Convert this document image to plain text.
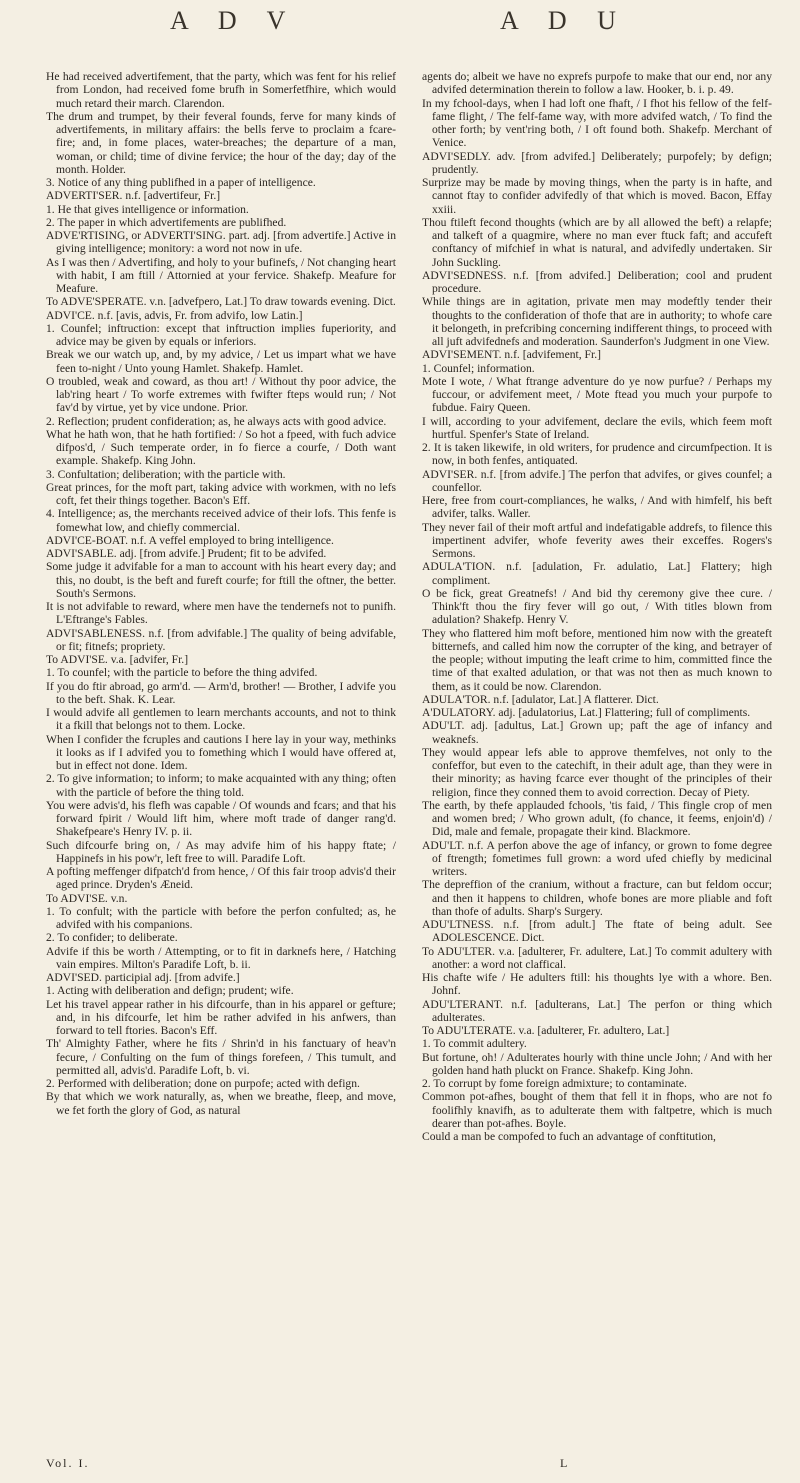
A D V	A D U

He had received advertifement, that the party, which was fent for his relief from London, had received fome brufh in Somerfetfhire, which would much retard their march. Clarendon.

The drum and trumpet, by their feveral founds, ferve for many kinds of advertifements, in military affairs: the bells ferve to proclaim a fcare-fire; and, in fome places, water-breaches; the departure of a man, woman, or child; time of divine fervice; the hour of the day; day of the month. Holder.

3. Notice of any thing publifhed in a paper of intelligence.

ADVERTI'SER. n.f. [advertifeur, Fr.]

1. He that gives intelligence or information.

2. The paper in which advertifements are publifhed.

ADVE'RTISING, or ADVERTI'SING. part. adj. [from advertife.] Active in giving intelligence; monitory: a word not now in ufe.

As I was then / Advertifing, and holy to your bufinefs, / Not changing heart with habit, I am ftill / Attornied at your fervice. Shakefp. Meafure for Meafure.

To ADVE'SPERATE. v.n. [advefpero, Lat.] To draw towards evening. Dict.

ADVI'CE. n.f. [avis, advis, Fr. from advifo, low Latin.]

1. Counfel; inftruction: except that inftruction implies fuperiority, and advice may be given by equals or inferiors.

Break we our watch up, and, by my advice, / Let us impart what we have feen to-night / Unto young Hamlet. Shakefp. Hamlet.

O troubled, weak and coward, as thou art! / Without thy poor advice, the lab'ring heart / To worfe extremes with fwifter fteps would run; / Not fav'd by virtue, yet by vice undone. Prior.

2. Reflection; prudent confideration; as, he always acts with good advice.

What he hath won, that he hath fortified: / So hot a fpeed, with fuch advice difpos'd, / Such temperate order, in fo fierce a courfe, / Doth want example. Shakefp. King John.

3. Confultation; deliberation; with the particle with.

Great princes, for the moft part, taking advice with workmen, with no lefs coft, fet their things together. Bacon's Eff.

4. Intelligence; as, the merchants received advice of their lofs. This fenfe is fomewhat low, and chiefly commercial.

ADVI'CE-BOAT. n.f. A veffel employed to bring intelligence.

ADVI'SABLE. adj. [from advife.] Prudent; fit to be advifed.

Some judge it advifable for a man to account with his heart every day; and this, no doubt, is the beft and fureft courfe; for ftill the oftner, the better. South's Sermons.

It is not advifable to reward, where men have the tendernefs not to punifh. L'Eftrange's Fables.

ADVI'SABLENESS. n.f. [from advifable.] The quality of being advifable, or fit; fitnefs; propriety.

To ADVI'SE. v.a. [advifer, Fr.]

1. To counfel; with the particle to before the thing advifed.

If you do ftir abroad, go arm'd. — Arm'd, brother! — Brother, I advife you to the beft. Shak. K. Lear.

I would advife all gentlemen to learn merchants accounts, and not to think it a fkill that belongs not to them. Locke.

When I confider the fcruples and cautions I here lay in your way, methinks it looks as if I advifed you to fomething which I would have offered at, but in effect not done. Idem.

2. To give information; to inform; to make acquainted with any thing; often with the particle of before the thing told.

You were advis'd, his flefh was capable / Of wounds and fcars; and that his forward fpirit / Would lift him, where moft trade of danger rang'd. Shakefpeare's Henry IV. p. ii.

Such difcourfe bring on, / As may advife him of his happy ftate; / Happinefs in his pow'r, left free to will. Paradife Loft.

A pofting meffenger difpatch'd from hence, / Of this fair troop advis'd their aged prince. Dryden's Æneid.

To ADVI'SE. v.n.

1. To confult; with the particle with before the perfon confulted; as, he advifed with his companions.

2. To confider; to deliberate.

Advife if this be worth / Attempting, or to fit in darknefs here, / Hatching vain empires. Milton's Paradife Loft, b. ii.

ADVI'SED. participial adj. [from advife.]

1. Acting with deliberation and defign; prudent; wife.

Let his travel appear rather in his difcourfe, than in his apparel or gefture; and, in his difcourfe, let him be rather advifed in his anfwers, than forward to tell ftories. Bacon's Eff.

Th' Almighty Father, where he fits / Shrin'd in his fanctuary of heav'n fecure, / Confulting on the fum of things forefeen, / This tumult, and permitted all, advis'd. Paradife Loft, b. vi.

2. Performed with deliberation; done on purpofe; acted with defign.

By that which we work naturally, as, when we breathe, fleep, and move, we fet forth the glory of God, as natural

agents do; albeit we have no exprefs purpofe to make that our end, nor any advifed determination therein to follow a law. Hooker, b. i. p. 49.

In my fchool-days, when I had loft one fhaft, / I fhot his fellow of the felf-fame flight, / The felf-fame way, with more advifed watch, / To find the other forth; by vent'ring both, / I oft found both. Shakefp. Merchant of Venice.

ADVI'SEDLY. adv. [from advifed.] Deliberately; purpofely; by defign; prudently.

Surprize may be made by moving things, when the party is in hafte, and cannot ftay to confider advifedly of that which is moved. Bacon, Effay xxiii.

Thou ftileft fecond thoughts (which are by all allowed the beft) a relapfe; and talkeft of a quagmire, where no man ever ftuck faft; and accufeft conftancy of mifchief in what is natural, and advifedly undertaken. Sir John Suckling.

ADVI'SEDNESS. n.f. [from advifed.] Deliberation; cool and prudent procedure.

While things are in agitation, private men may modeftly tender their thoughts to the confideration of thofe that are in authority; to whofe care it belongeth, in prefcribing concerning indifferent things, to proceed with all juft advifednefs and moderation. Saunderfon's Judgment in one View.

ADVI'SEMENT. n.f. [advifement, Fr.]

1. Counfel; information.

Mote I wote, / What ftrange adventure do ye now purfue? / Perhaps my fuccour, or advifement meet, / Mote ftead you much your purpofe to fubdue. Fairy Queen.

I will, according to your advifement, declare the evils, which feem moft hurtful. Spenfer's State of Ireland.

2. It is taken likewife, in old writers, for prudence and circumfpection. It is now, in both fenfes, antiquated.

ADVI'SER. n.f. [from advife.] The perfon that advifes, or gives counfel; a counfellor.

Here, free from court-compliances, he walks, / And with himfelf, his beft advifer, talks. Waller.

They never fail of their moft artful and indefatigable addrefs, to filence this impertinent advifer, whofe feverity awes their exceffes. Rogers's Sermons.

ADULA'TION. n.f. [adulation, Fr. adulatio, Lat.] Flattery; high compliment.

O be fick, great Greatnefs! / And bid thy ceremony give thee cure. / Think'ft thou the firy fever will go out, / With titles blown from adulation? Shakefp. Henry V.

They who flattered him moft before, mentioned him now with the greateft bitternefs, and called him now the corrupter of the king, and betrayer of the people; without imputing the leaft crime to him, committed fince the time of that exalted adulation, or that was not then as much known to them, as it could be now. Clarendon.

ADULA'TOR. n.f. [adulator, Lat.] A flatterer. Dict.

A'DULATORY. adj. [adulatorius, Lat.] Flattering; full of compliments.

ADU'LT. adj. [adultus, Lat.] Grown up; paft the age of infancy and weaknefs.

They would appear lefs able to approve themfelves, not only to the confeffor, but even to the catechift, in their adult age, than they were in their minority; as having fcarce ever thought of the principles of their religion, fince they conned them to avoid correction. Decay of Piety.

The earth, by thefe applauded fchools, 'tis faid, / This fingle crop of men and women bred; / Who grown adult, (fo chance, it feems, enjoin'd) / Did, male and female, propagate their kind. Blackmore.

ADU'LT. n.f. A perfon above the age of infancy, or grown to fome degree of ftrength; fometimes full grown: a word ufed chiefly by medicinal writers.

The depreffion of the cranium, without a fracture, can but feldom occur; and then it happens to children, whofe bones are more pliable and foft than thofe of adults. Sharp's Surgery.

ADU'LTNESS. n.f. [from adult.] The ftate of being adult. See ADOLESCENCE. Dict.

To ADU'LTER. v.a. [adulterer, Fr. adultere, Lat.] To commit adultery with another: a word not claffical.

His chafte wife / He adulters ftill: his thoughts lye with a whore. Ben. Johnf.

ADU'LTERANT. n.f. [adulterans, Lat.] The perfon or thing which adulterates.

To ADU'LTERATE. v.a. [adulterer, Fr. adultero, Lat.]

1. To commit adultery.

But fortune, oh! / Adulterates hourly with thine uncle John; / And with her golden hand hath pluckt on France. Shakefp. King John.

2. To corrupt by fome foreign admixture; to contaminate.

Common pot-afhes, bought of them that fell it in fhops, who are not fo foolifhly knavifh, as to adulterate them with faltpetre, which is much dearer than pot-afhes. Boyle.

Could a man be compofed to fuch an advantage of conftitution,

Vol. I.	L
